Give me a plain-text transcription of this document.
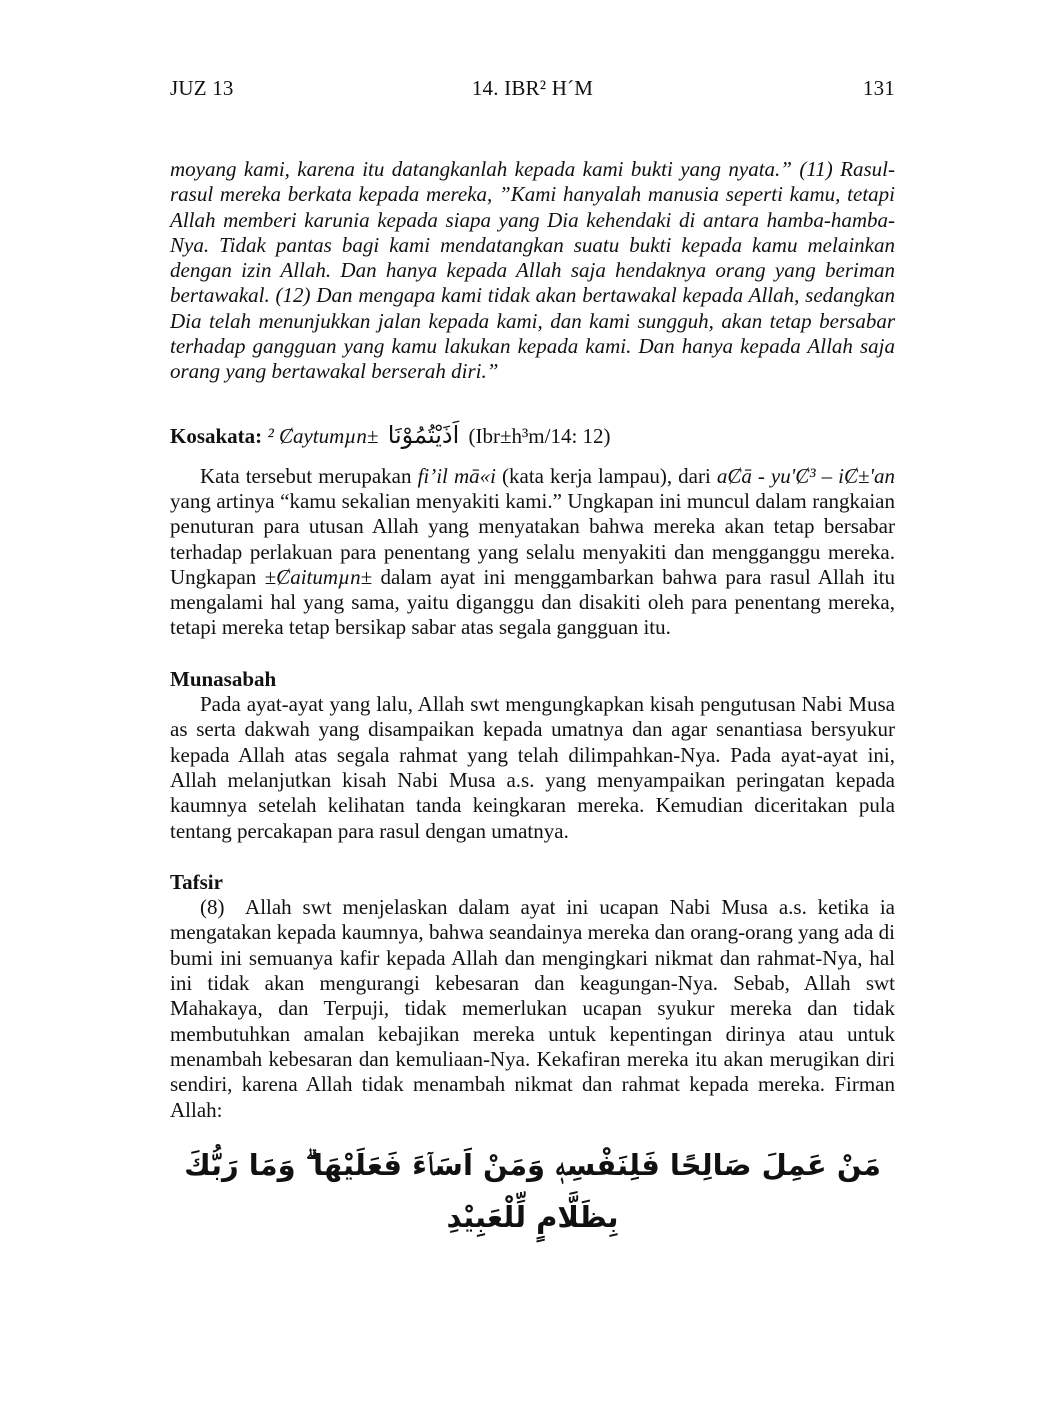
JUZ 13	14. IBR² H´M	131

moyang kami, karena itu datangkanlah kepada kami bukti yang nyata.” (11) Rasul-rasul mereka berkata kepada mereka, ”Kami hanyalah manusia seperti kamu, tetapi Allah memberi karunia kepada siapa yang Dia kehendaki di antara hamba-hamba-Nya. Tidak pantas bagi kami mendatangkan suatu bukti kepada kamu melainkan dengan izin Allah. Dan hanya kepada Allah saja hendaknya orang yang beriman bertawakal. (12) Dan mengapa kami tidak akan bertawakal kepada Allah, sedangkan Dia telah menunjukkan jalan kepada kami, dan kami sungguh, akan tetap bersabar terhadap gangguan yang kamu lakukan kepada kami. Dan hanya kepada Allah saja orang yang bertawakal berserah diri.”

Kosakata: ² Ȼaytumµn± اَذَيْتُمُوْنَا (Ibr±h³m/14: 12)

Kata tersebut merupakan fi’il mā«i (kata kerja lampau), dari aȻā - yu'Ȼ³ – iȻ±'an yang artinya “kamu sekalian menyakiti kami.” Ungkapan ini muncul dalam rangkaian penuturan para utusan Allah yang menyatakan bahwa mereka akan tetap bersabar terhadap perlakuan para penentang yang selalu menyakiti dan mengganggu mereka. Ungkapan ±Ȼaitumµn± dalam ayat ini menggambarkan bahwa para rasul Allah itu mengalami hal yang sama, yaitu diganggu dan disakiti oleh para penentang mereka, tetapi mereka tetap bersikap sabar atas segala gangguan itu.

Munasabah

Pada ayat-ayat yang lalu, Allah swt mengungkapkan kisah pengutusan Nabi Musa as serta dakwah yang disampaikan kepada umatnya dan agar senantiasa bersyukur kepada Allah atas segala rahmat yang telah dilimpahkan-Nya. Pada ayat-ayat ini, Allah melanjutkan kisah Nabi Musa a.s. yang menyampaikan peringatan kepada kaumnya setelah kelihatan tanda keingkaran mereka. Kemudian diceritakan pula tentang percakapan para rasul dengan umatnya.

Tafsir

(8)  Allah swt menjelaskan dalam ayat ini ucapan Nabi Musa a.s. ketika ia mengatakan kepada kaumnya, bahwa seandainya mereka dan orang-orang yang ada di bumi ini semuanya kafir kepada Allah dan mengingkari nikmat dan rahmat-Nya, hal ini tidak akan mengurangi kebesaran dan keagungan-Nya. Sebab, Allah swt Mahakaya, dan Terpuji, tidak memerlukan ucapan syukur mereka dan tidak membutuhkan amalan kebajikan mereka untuk kepentingan dirinya atau untuk menambah kebesaran dan kemuliaan-Nya. Kekafiran mereka itu akan merugikan diri sendiri, karena Allah tidak menambah nikmat dan rahmat kepada mereka. Firman Allah:

مَنْ عَمِلَ صَالِحًا فَلِنَفْسِهٖ وَمَنْ اَسَاۤءَ فَعَلَيْهَا ۗ وَمَا رَبُّكَ بِظَلَّامٍ لِّلْعَبِيْدِ
